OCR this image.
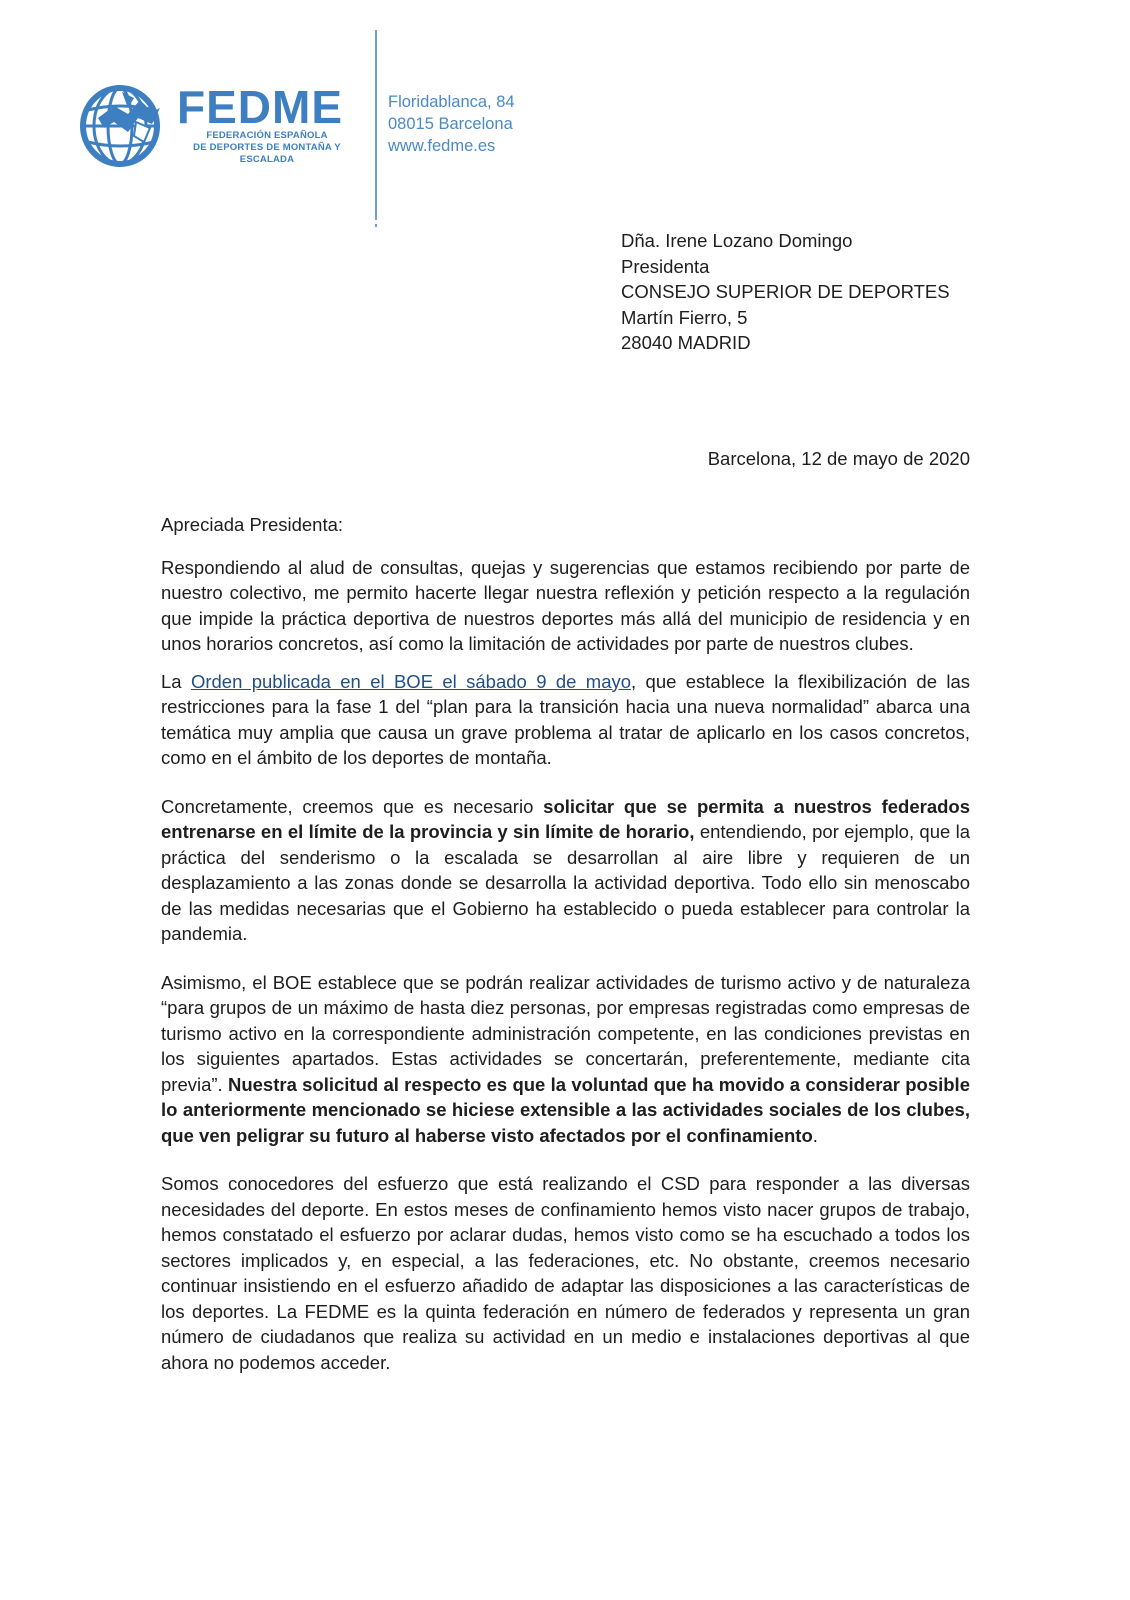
FEDME
FEDERACIÓN ESPAÑOLA
DE DEPORTES DE MONTAÑA Y ESCALADA
Floridablanca, 84
08015 Barcelona
www.fedme.es
Dña. Irene Lozano Domingo
Presidenta
CONSEJO SUPERIOR DE DEPORTES
Martín Fierro, 5
28040 MADRID

Barcelona, 12 de mayo de 2020

Apreciada Presidenta:

Respondiendo al alud de consultas, quejas y sugerencias que estamos recibiendo por parte de nuestro colectivo, me permito hacerte llegar nuestra reflexión y petición respecto a la regulación que impide la práctica deportiva de nuestros deportes más allá del municipio de residencia y en unos horarios concretos, así como la limitación de actividades por parte de nuestros clubes.

La Orden publicada en el BOE el sábado 9 de mayo, que establece la flexibilización de las restricciones para la fase 1 del “plan para la transición hacia una nueva normalidad” abarca una temática muy amplia que causa un grave problema al tratar de aplicarlo en los casos concretos, como en el ámbito de los deportes de montaña.

Concretamente, creemos que es necesario solicitar que se permita a nuestros federados entrenarse en el límite de la provincia y sin límite de horario, entendiendo, por ejemplo, que la práctica del senderismo o la escalada se desarrollan al aire libre y requieren de un desplazamiento a las zonas donde se desarrolla la actividad deportiva. Todo ello sin menoscabo de las medidas necesarias que el Gobierno ha establecido o pueda establecer para controlar la pandemia.

Asimismo, el BOE establece que se podrán realizar actividades de turismo activo y de naturaleza “para grupos de un máximo de hasta diez personas, por empresas registradas como empresas de turismo activo en la correspondiente administración competente, en las condiciones previstas en los siguientes apartados. Estas actividades se concertarán, preferentemente, mediante cita previa”. Nuestra solicitud al respecto es que la voluntad que ha movido a considerar posible lo anteriormente mencionado se hiciese extensible a las actividades sociales de los clubes, que ven peligrar su futuro al haberse visto afectados por el confinamiento.

Somos conocedores del esfuerzo que está realizando el CSD para responder a las diversas necesidades del deporte. En estos meses de confinamiento hemos visto nacer grupos de trabajo, hemos constatado el esfuerzo por aclarar dudas, hemos visto como se ha escuchado a todos los sectores implicados y, en especial, a las federaciones, etc. No obstante, creemos necesario continuar insistiendo en el esfuerzo añadido de adaptar las disposiciones a las características de los deportes. La FEDME es la quinta federación en número de federados y representa un gran número de ciudadanos que realiza su actividad en un medio e instalaciones deportivas al que ahora no podemos acceder.
